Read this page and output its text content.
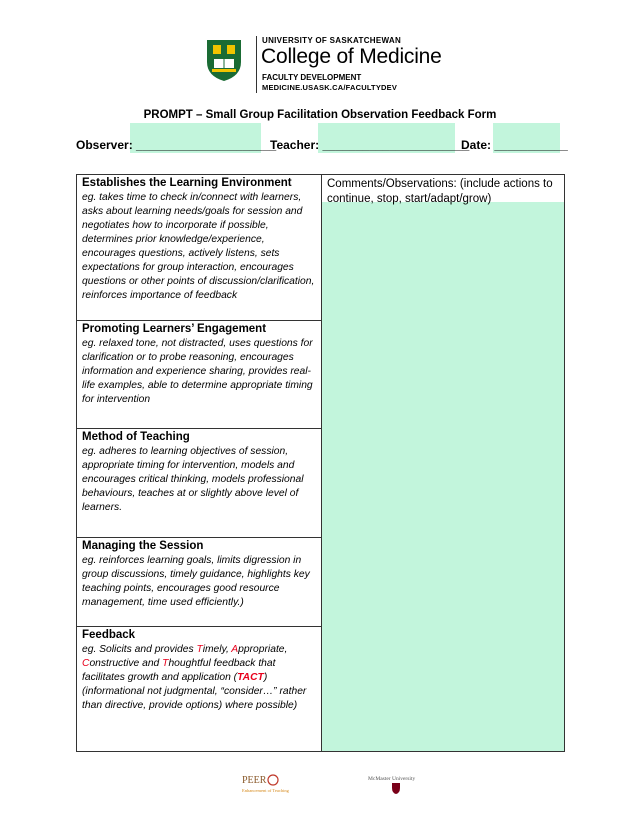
UNIVERSITY OF SASKATCHEWAN
College of Medicine
FACULTY DEVELOPMENT
MEDICINE.USASK.CA/FACULTYDEV
PROMPT – Small Group Facilitation Observation Feedback Form
Observer: _____________________
Teacher: ______________________
Date: ___________
Comments/Observations: (include actions to continue, stop, start/adapt/grow)
Establishes the Learning Environment
eg. takes time to check in/connect with learners, asks about learning needs/goals for session and negotiates how to incorporate if possible, determines prior knowledge/experience, encourages questions, actively listens, sets expectations for group interaction, encourages questions or other points of discussion/clarification, reinforces importance of feedback
Promoting Learners’ Engagement
eg. relaxed tone, not distracted, uses questions for clarification or to probe reasoning, encourages information and experience sharing, provides real-life examples, able to determine appropriate timing for intervention
Method of Teaching
eg. adheres to learning objectives of session, appropriate timing for intervention, models and encourages critical thinking, models professional behaviours, teaches at or slightly above level of learners.
Managing the Session
eg. reinforces learning goals, limits digression in group discussions, timely guidance, highlights key teaching points, encourages good resource management, time used efficiently.)
Feedback
eg. Solicits and provides Timely, Appropriate, Constructive and Thoughtful feedback that facilitates growth and application (TACT) (informational not judgmental, “consider…” rather than directive, provide options) where possible)
PEER
Enhancement of Teaching
McMaster University
